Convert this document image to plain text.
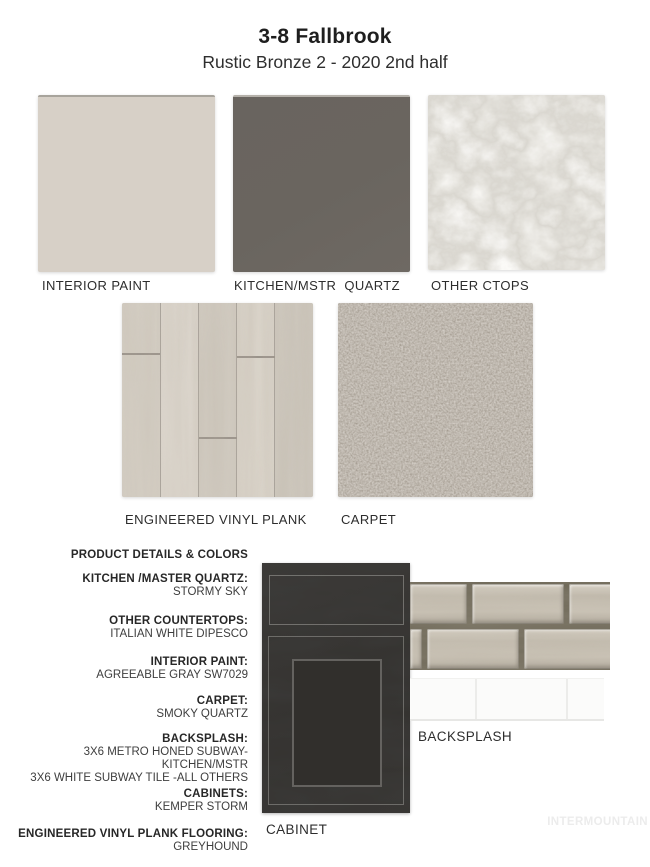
3-8 Fallbrook
Rustic Bronze 2 - 2020 2nd half
INTERIOR PAINT	KITCHEN/MSTR  QUARTZ OTHER CTOPS
ENGINEERED VINYL PLANK	CARPET
PRODUCT DETAILS & COLORS
KITCHEN /MASTER QUARTZ:
STORMY SKY
OTHER COUNTERTOPS:
ITALIAN WHITE DIPESCO
INTERIOR PAINT:
AGREEABLE GRAY SW7029
CARPET:
SMOKY QUARTZ
BACKSPLASH:
3X6 METRO HONED SUBWAY-  KITCHEN/MSTR
3X6 WHITE SUBWAY TILE -ALL OTHERS
CABINETS:
KEMPER STORM
ENGINEERED VINYL PLANK FLOORING:
GREYHOUND
CABINET
BACKSPLASH
INTERMOUNTAIN
